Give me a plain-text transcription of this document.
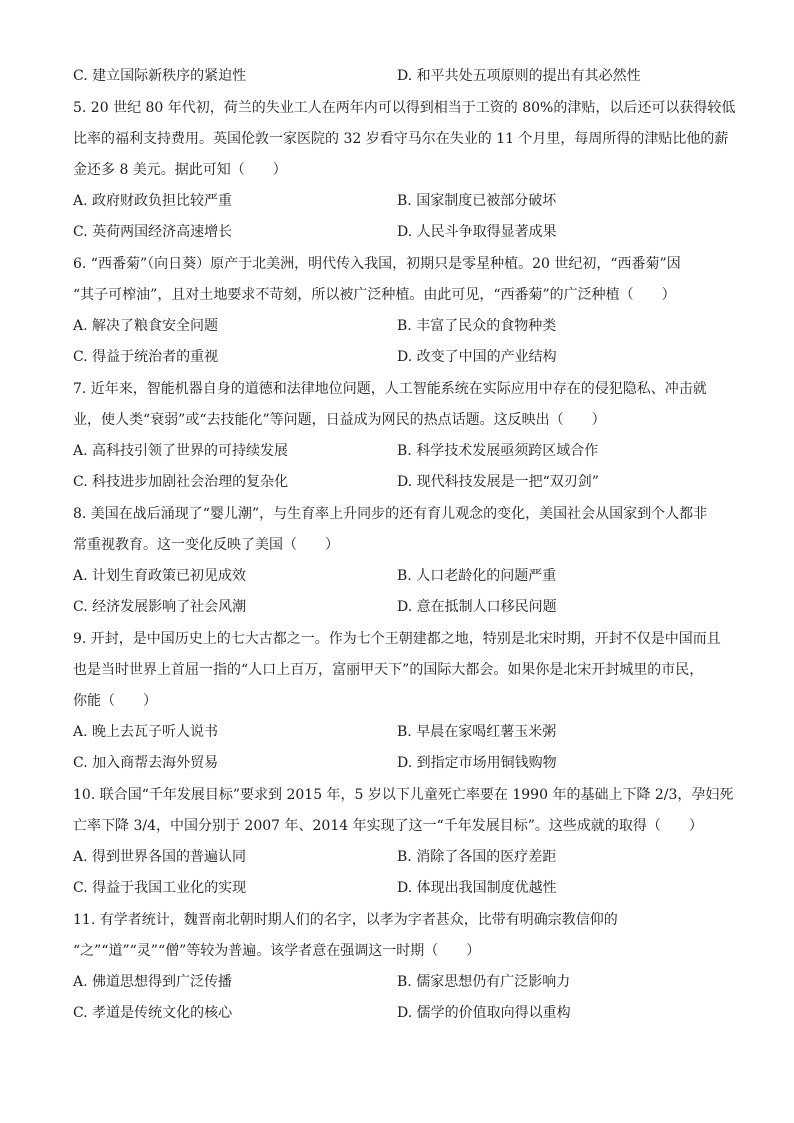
C. 建立国际新秩序的紧迫性	D. 和平共处五项原则的提出有其必然性
5. 20 世纪 80 年代初，荷兰的失业工人在两年内可以得到相当于工资的 80%的津贴，以后还可以获得较低
比率的福利支持费用。英国伦敦一家医院的 32 岁看守马尔在失业的 11 个月里，每周所得的津贴比他的薪
金还多 8 美元。据此可知（　　）
A. 政府财政负担比较严重	B. 国家制度已被部分破坏
C. 英荷两国经济高速增长	D. 人民斗争取得显著成果
6. “西番菊”（向日葵）原产于北美洲，明代传入我国，初期只是零星种植。20 世纪初，“西番菊”因
“其子可榨油”，且对土地要求不苛刻，所以被广泛种植。由此可见，“西番菊”的广泛种植（　　）
A. 解决了粮食安全问题	B. 丰富了民众的食物种类
C. 得益于统治者的重视	D. 改变了中国的产业结构
7. 近年来，智能机器自身的道德和法律地位问题，人工智能系统在实际应用中存在的侵犯隐私、冲击就
业，使人类“衰弱”或“去技能化”等问题，日益成为网民的热点话题。这反映出（　　）
A. 高科技引领了世界的可持续发展	B. 科学技术发展亟须跨区域合作
C. 科技进步加剧社会治理的复杂化	D. 现代科技发展是一把“双刃剑”
8. 美国在战后涌现了“婴儿潮”，与生育率上升同步的还有育儿观念的变化，美国社会从国家到个人都非
常重视教育。这一变化反映了美国（　　）
A. 计划生育政策已初见成效	B. 人口老龄化的问题严重
C. 经济发展影响了社会风潮	D. 意在抵制人口移民问题
9. 开封，是中国历史上的七大古都之一。作为七个王朝建都之地，特别是北宋时期，开封不仅是中国而且
也是当时世界上首屈一指的“人口上百万，富丽甲天下”的国际大都会。如果你是北宋开封城里的市民，
你能（　　）
A. 晚上去瓦子听人说书	B. 早晨在家喝红薯玉米粥
C. 加入商帮去海外贸易	D. 到指定市场用铜钱购物
10. 联合国“千年发展目标”要求到 2015 年，5 岁以下儿童死亡率要在 1990 年的基础上下降 2/3，孕妇死
亡率下降 3/4，中国分别于 2007 年、2014 年实现了这一“千年发展目标”。这些成就的取得（　　）
A. 得到世界各国的普遍认同	B. 消除了各国的医疗差距
C. 得益于我国工业化的实现	D. 体现出我国制度优越性
11. 有学者统计，魏晋南北朝时期人们的名字，以孝为字者甚众，比带有明确宗教信仰的
“之”“道”“灵”“僧”等较为普遍。该学者意在强调这一时期（　　）
A. 佛道思想得到广泛传播	B. 儒家思想仍有广泛影响力
C. 孝道是传统文化的核心	D. 儒学的价值取向得以重构
